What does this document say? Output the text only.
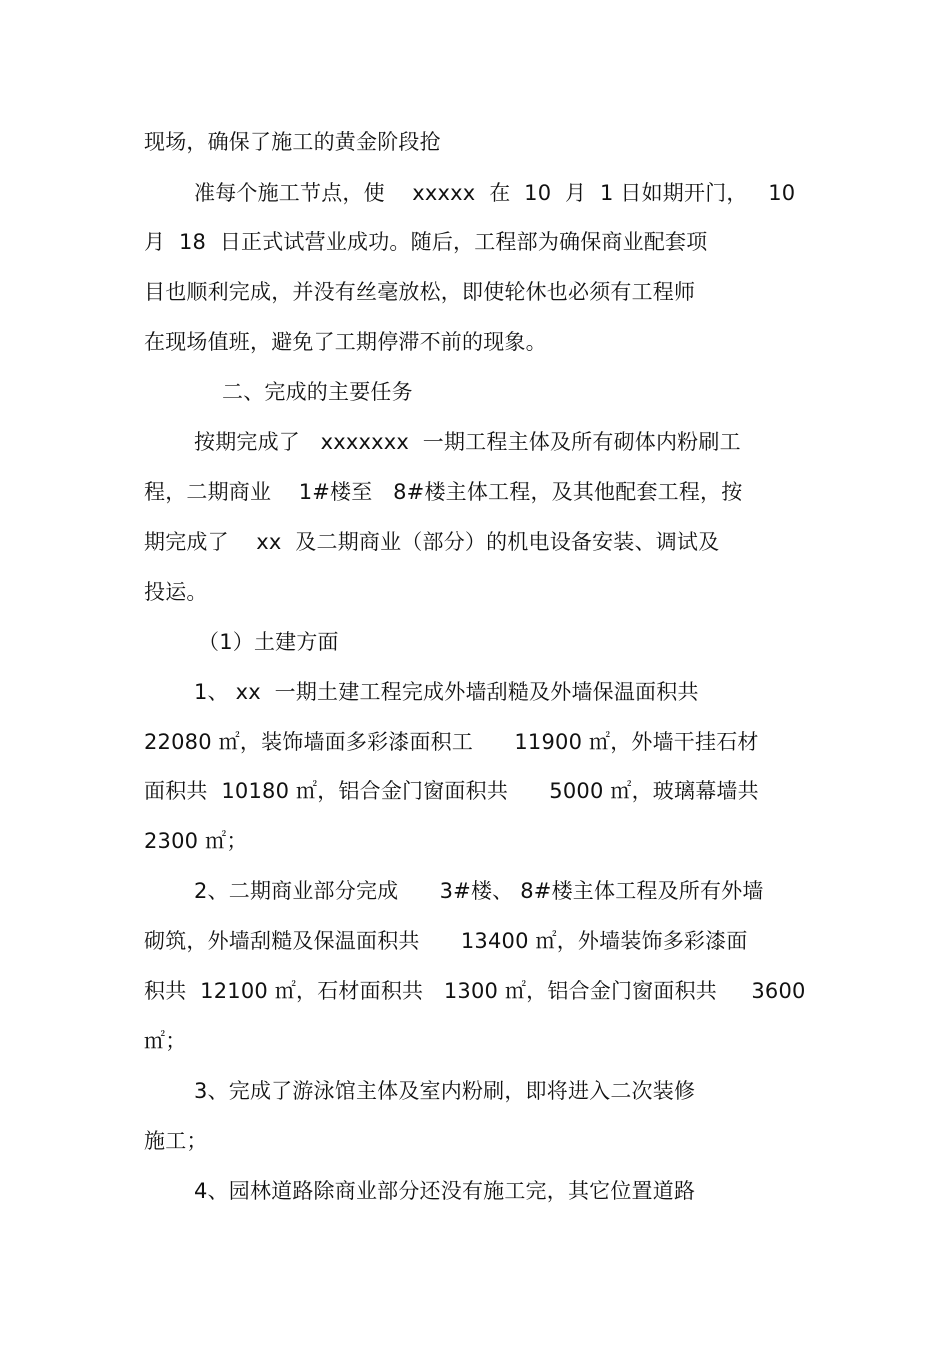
现场，确保了施工的黄金阶段抢
准每个施工节点，使    xxxxx  在  10  月  1 日如期开门，   10
月  18  日正式试营业成功。随后，工程部为确保商业配套项
目也顺利完成，并没有丝毫放松，即使轮休也必须有工程师
在现场值班，避免了工期停滞不前的现象。
二、完成的主要任务
按期完成了   xxxxxxx  一期工程主体及所有砌体内粉刷工
程，二期商业    1#楼至   8#楼主体工程，及其他配套工程，按
期完成了    xx  及二期商业（部分）的机电设备安装、调试及
投运。
（1）土建方面
1、 xx  一期土建工程完成外墙刮糙及外墙保温面积共
22080 ㎡，装饰墙面多彩漆面积工      11900 ㎡，外墙干挂石材
面积共  10180 ㎡，铝合金门窗面积共      5000 ㎡，玻璃幕墙共
2300 ㎡；
2、二期商业部分完成      3#楼、 8#楼主体工程及所有外墙
砌筑，外墙刮糙及保温面积共      13400 ㎡，外墙装饰多彩漆面
积共  12100 ㎡，石材面积共   1300 ㎡，铝合金门窗面积共     3600
㎡；
3、完成了游泳馆主体及室内粉刷，即将进入二次装修
施工；
4、园林道路除商业部分还没有施工完，其它位置道路
